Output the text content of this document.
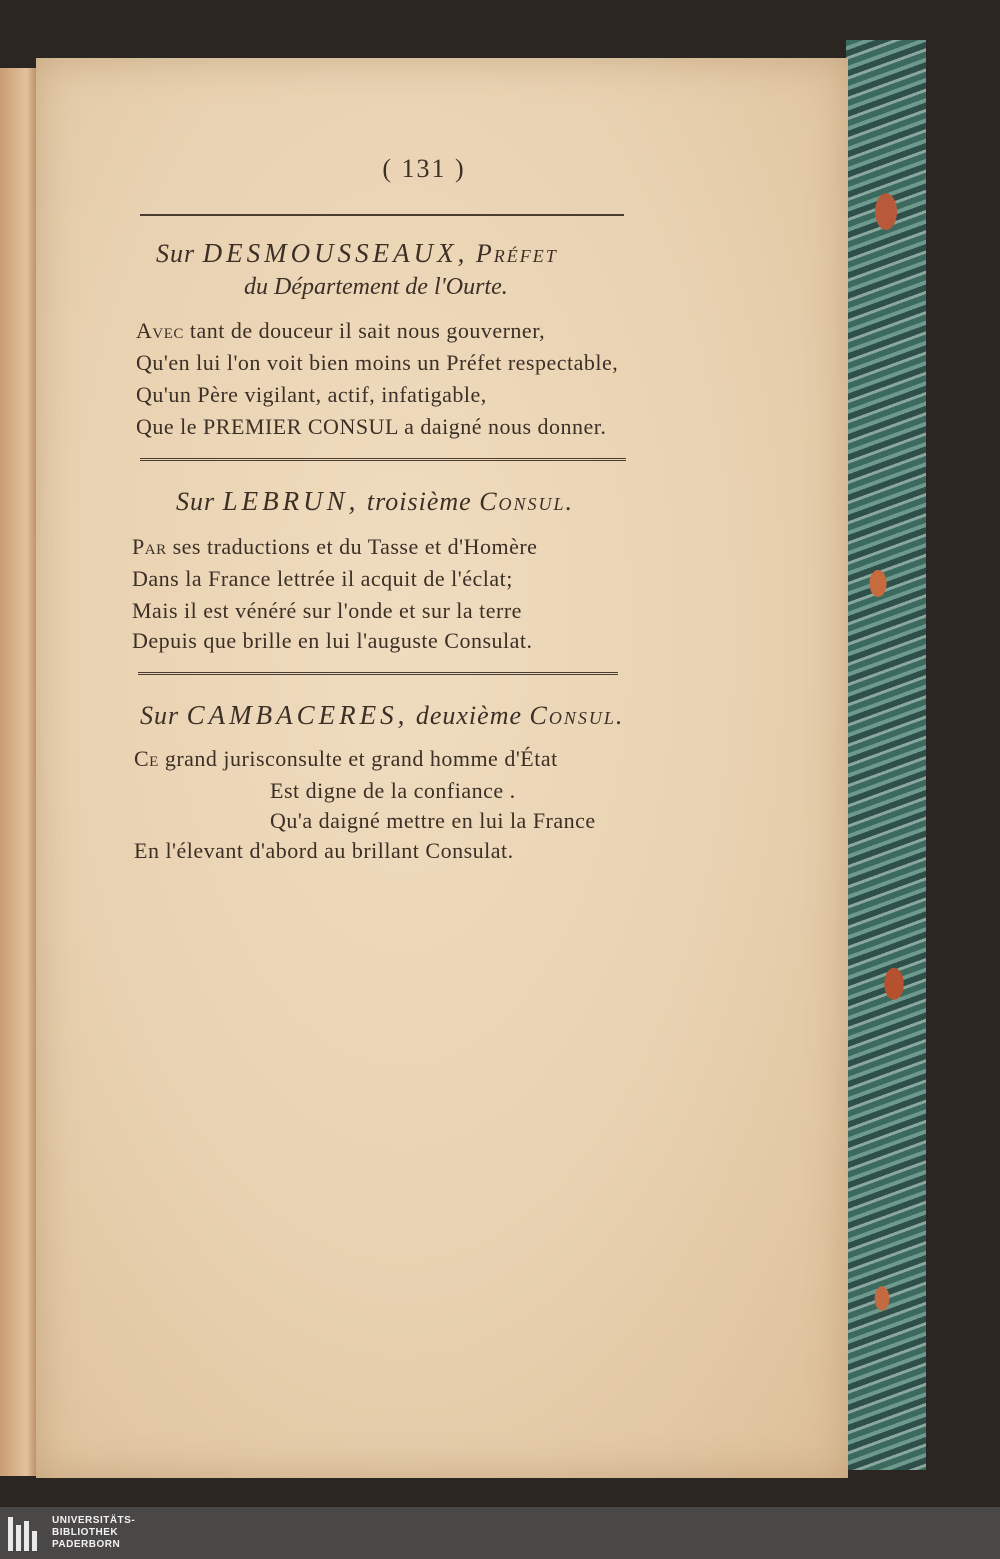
( 131 )
Sur DESMOUSSEAUX, Préfet
du Département de l'Ourte.
Avec tant de douceur il sait nous gouverner,
Qu'en lui l'on voit bien moins un Préfet respectable,
Qu'un Père vigilant, actif, infatigable,
Que le PREMIER CONSUL a daigné nous donner.
Sur LEBRUN, troisième Consul.
Par ses traductions et du Tasse et d'Homère
Dans la France lettrée il acquit de l'éclat;
Mais il est vénéré sur l'onde et sur la terre
Depuis que brille en lui l'auguste Consulat.
Sur CAMBACERES, deuxième Consul.
Ce grand jurisconsulte et grand homme d'État
Est digne de la confiance .
Qu'a daigné mettre en lui la France
En l'élevant d'abord au brillant Consulat.
UNIVERSITÄTS-
BIBLIOTHEK
PADERBORN
